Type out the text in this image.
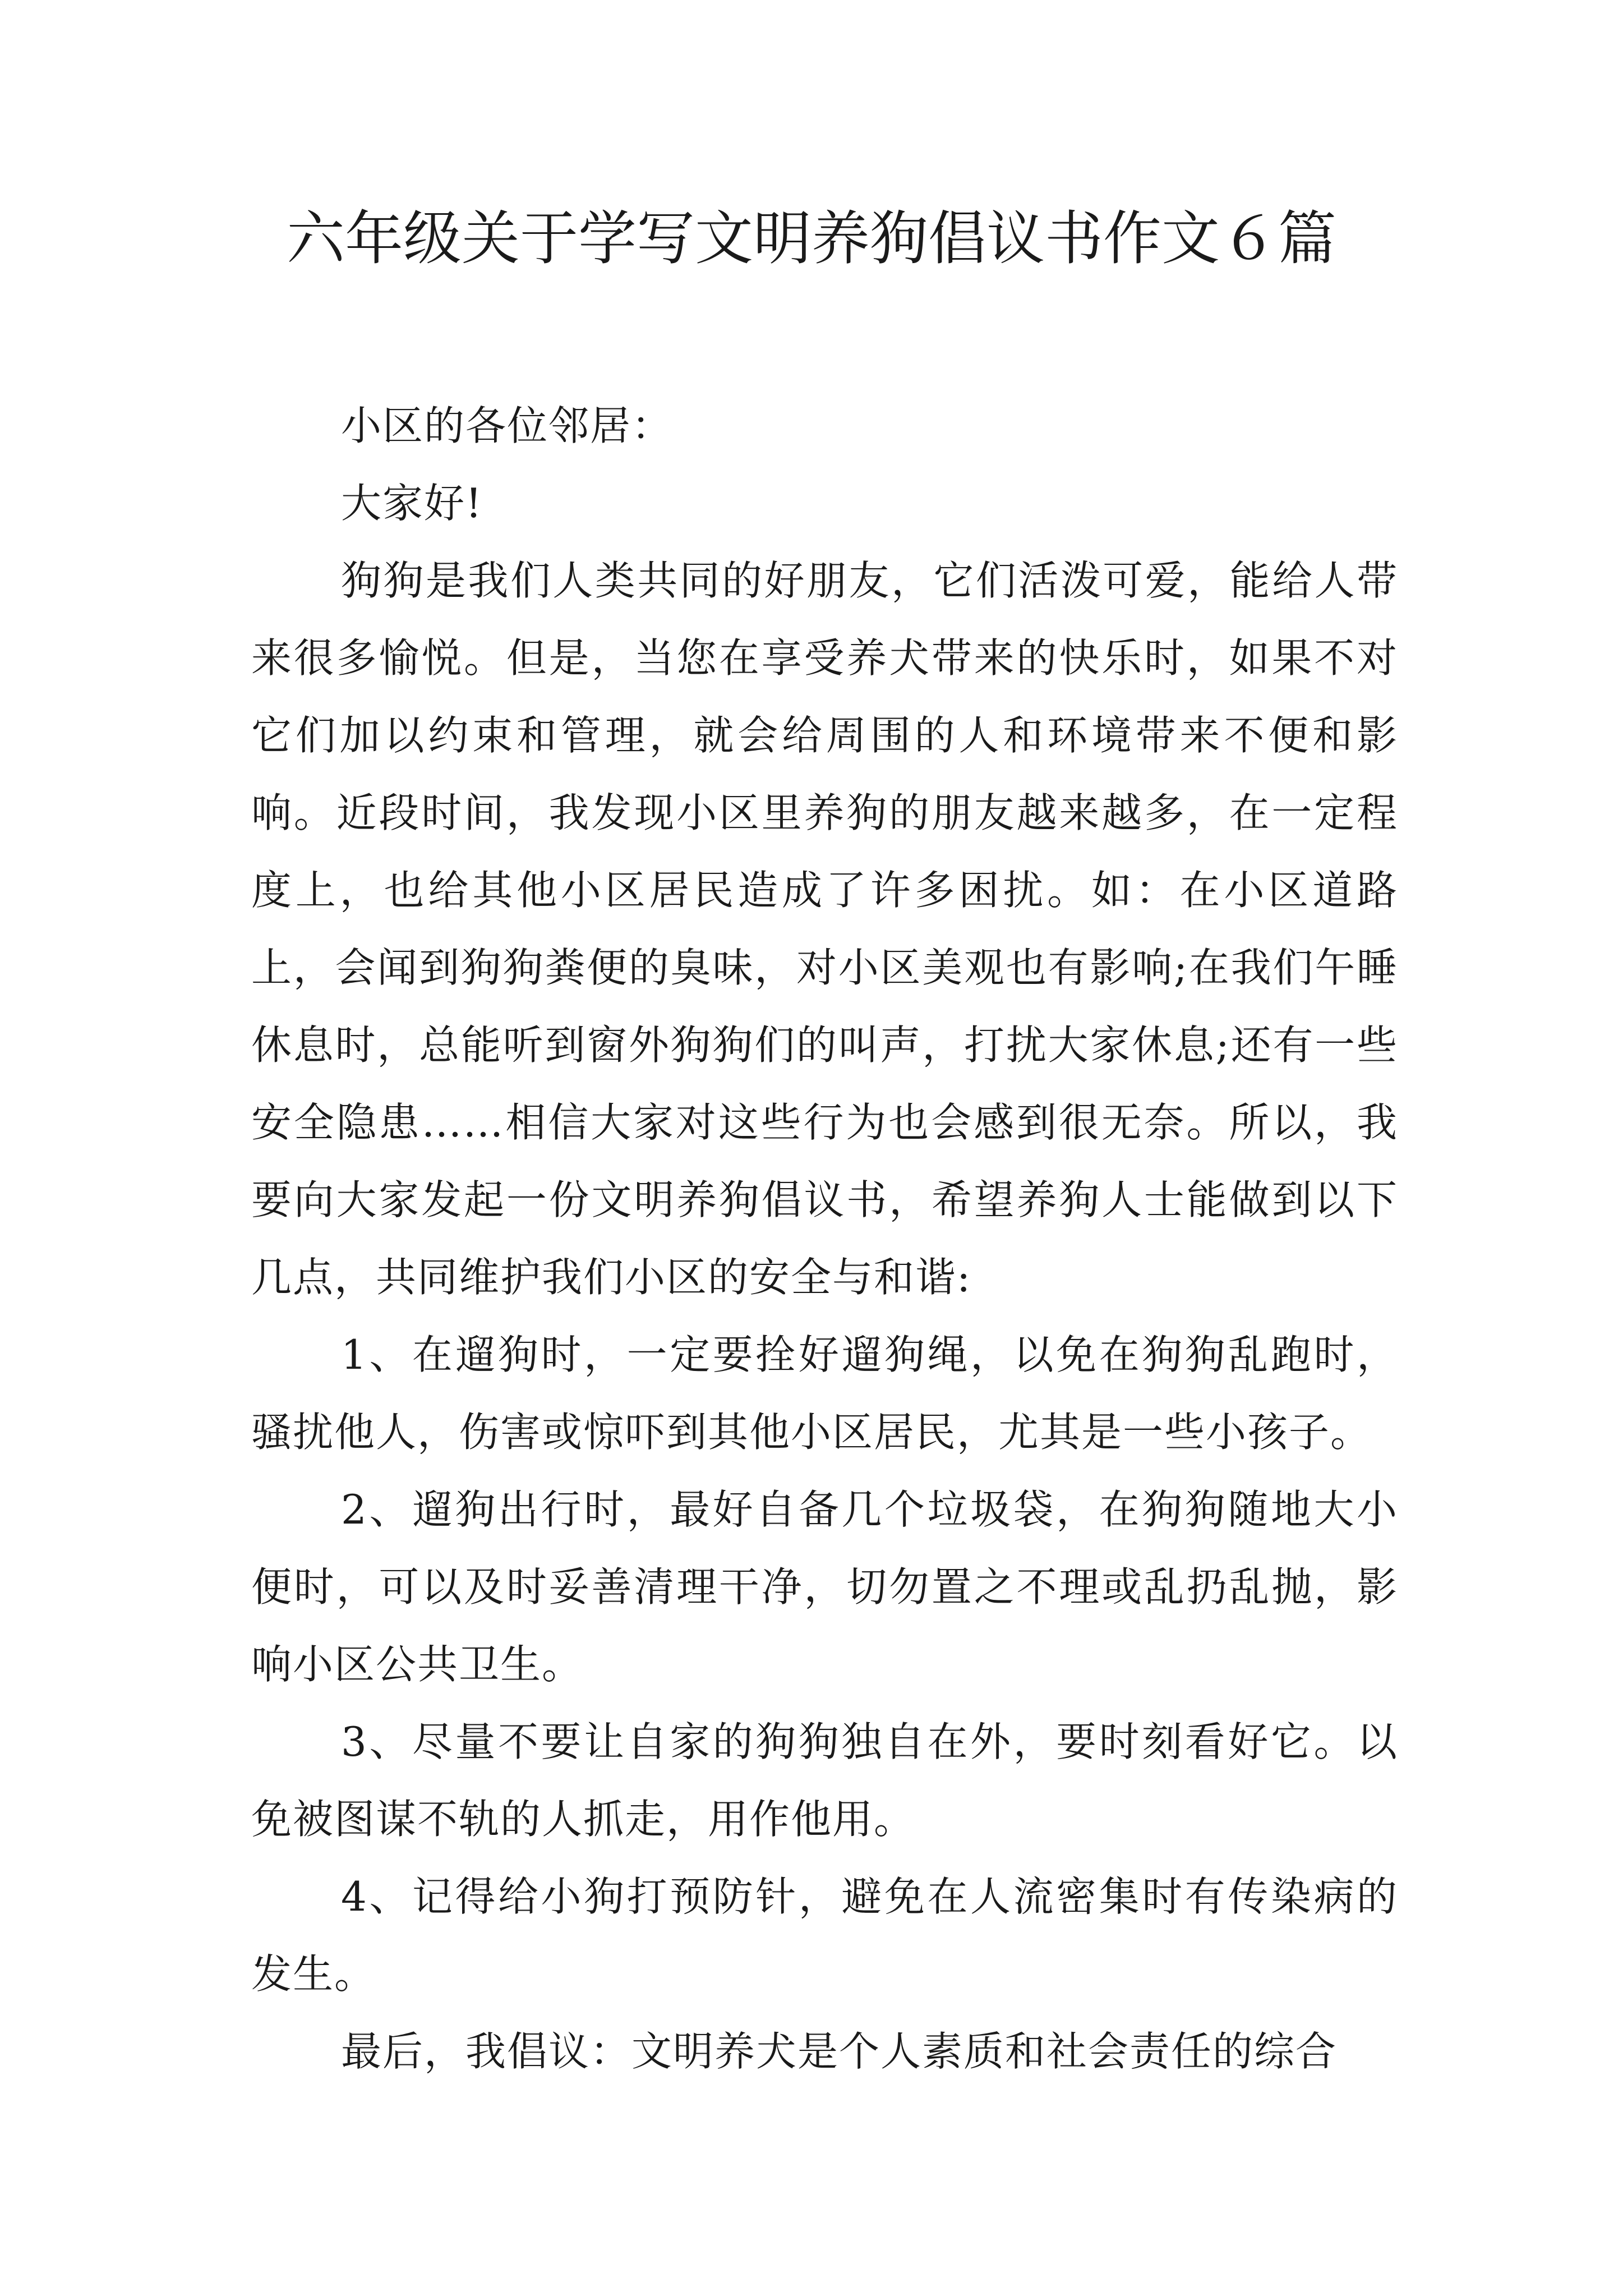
六年级关于学写文明养狗倡议书作文６篇

小区的各位邻居：

大家好!

狗狗是我们人类共同的好朋友，它们活泼可爱，能给人带来很多愉悦。但是，当您在享受养犬带来的快乐时，如果不对它们加以约束和管理，就会给周围的人和环境带来不便和影响。近段时间，我发现小区里养狗的朋友越来越多，在一定程度上，也给其他小区居民造成了许多困扰。如：在小区道路上，会闻到狗狗粪便的臭味，对小区美观也有影响;在我们午睡休息时，总能听到窗外狗狗们的叫声，打扰大家休息;还有一些安全隐患……相信大家对这些行为也会感到很无奈。所以，我要向大家发起一份文明养狗倡议书，希望养狗人士能做到以下几点，共同维护我们小区的安全与和谐:

1、在遛狗时，一定要拴好遛狗绳，以免在狗狗乱跑时，骚扰他人，伤害或惊吓到其他小区居民，尤其是一些小孩子。

2、遛狗出行时，最好自备几个垃圾袋，在狗狗随地大小便时，可以及时妥善清理干净，切勿置之不理或乱扔乱抛，影响小区公共卫生。

3、尽量不要让自家的狗狗独自在外，要时刻看好它。以免被图谋不轨的人抓走，用作他用。

4、记得给小狗打预防针，避免在人流密集时有传染病的发生。

最后，我倡议：文明养犬是个人素质和社会责任的综合
